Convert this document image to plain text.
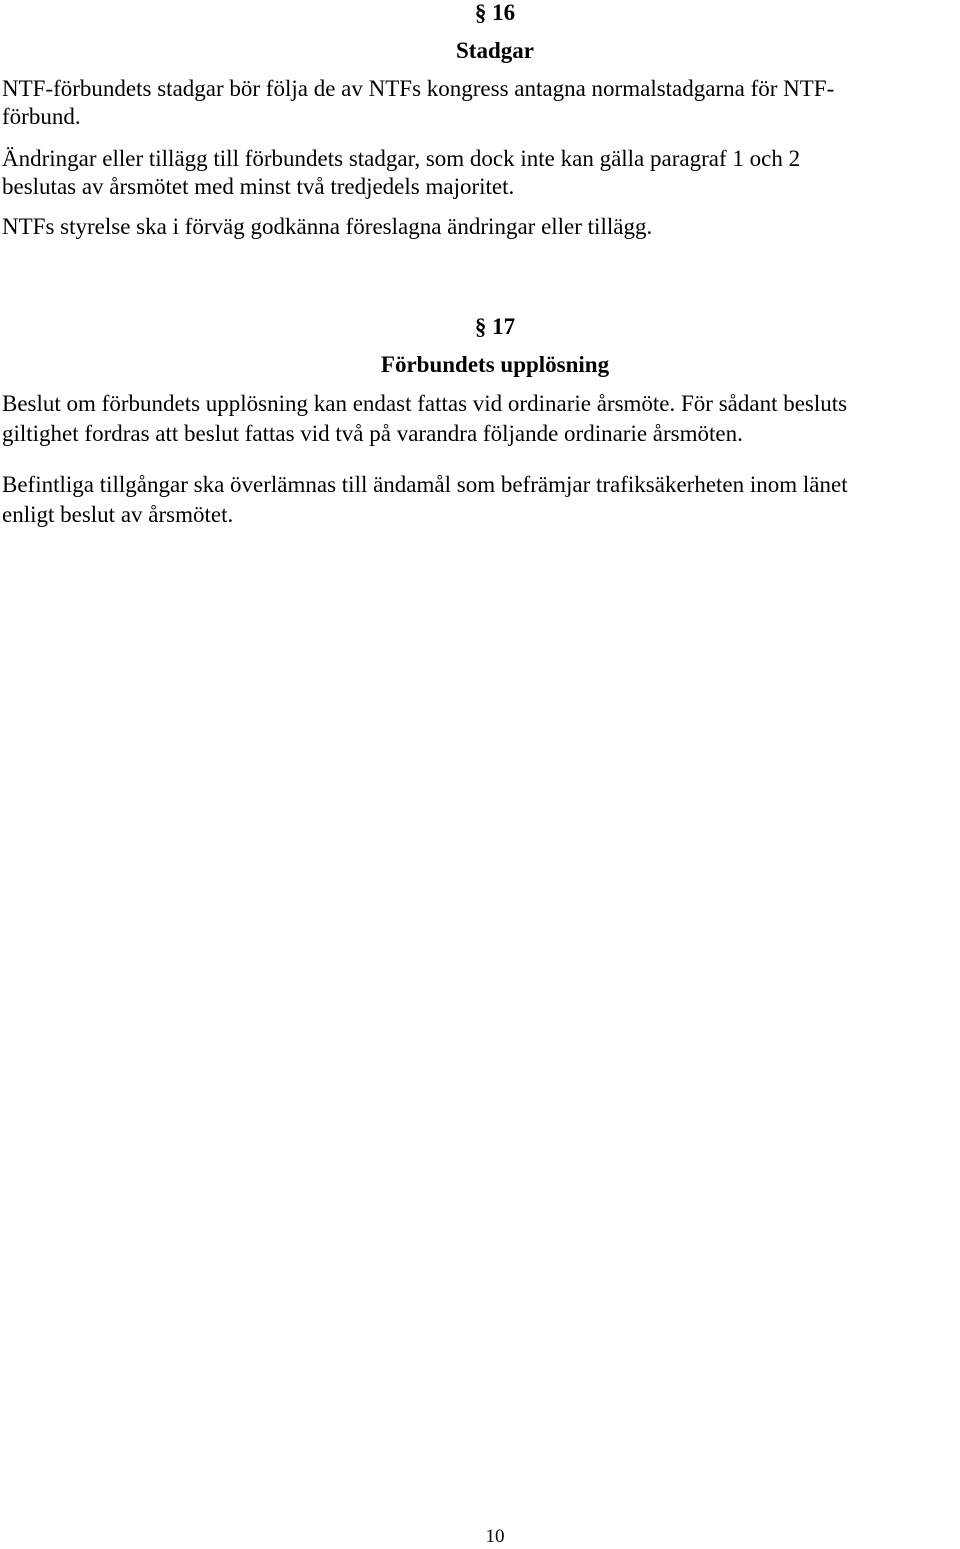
§ 16
Stadgar
NTF-förbundets stadgar bör följa de av NTFs kongress antagna normalstadgarna för NTF-
förbund.
Ändringar eller tillägg till förbundets stadgar, som dock inte kan gälla paragraf 1 och 2
beslutas av årsmötet med minst två tredjedels majoritet.
NTFs styrelse ska i förväg godkänna föreslagna ändringar eller tillägg.
§ 17
Förbundets upplösning
Beslut om förbundets upplösning kan endast fattas vid ordinarie årsmöte. För sådant besluts
giltighet fordras att beslut fattas vid två på varandra följande ordinarie årsmöten.
Befintliga tillgångar ska överlämnas till ändamål som befrämjar trafiksäkerheten inom länet
enligt beslut av årsmötet.
10
